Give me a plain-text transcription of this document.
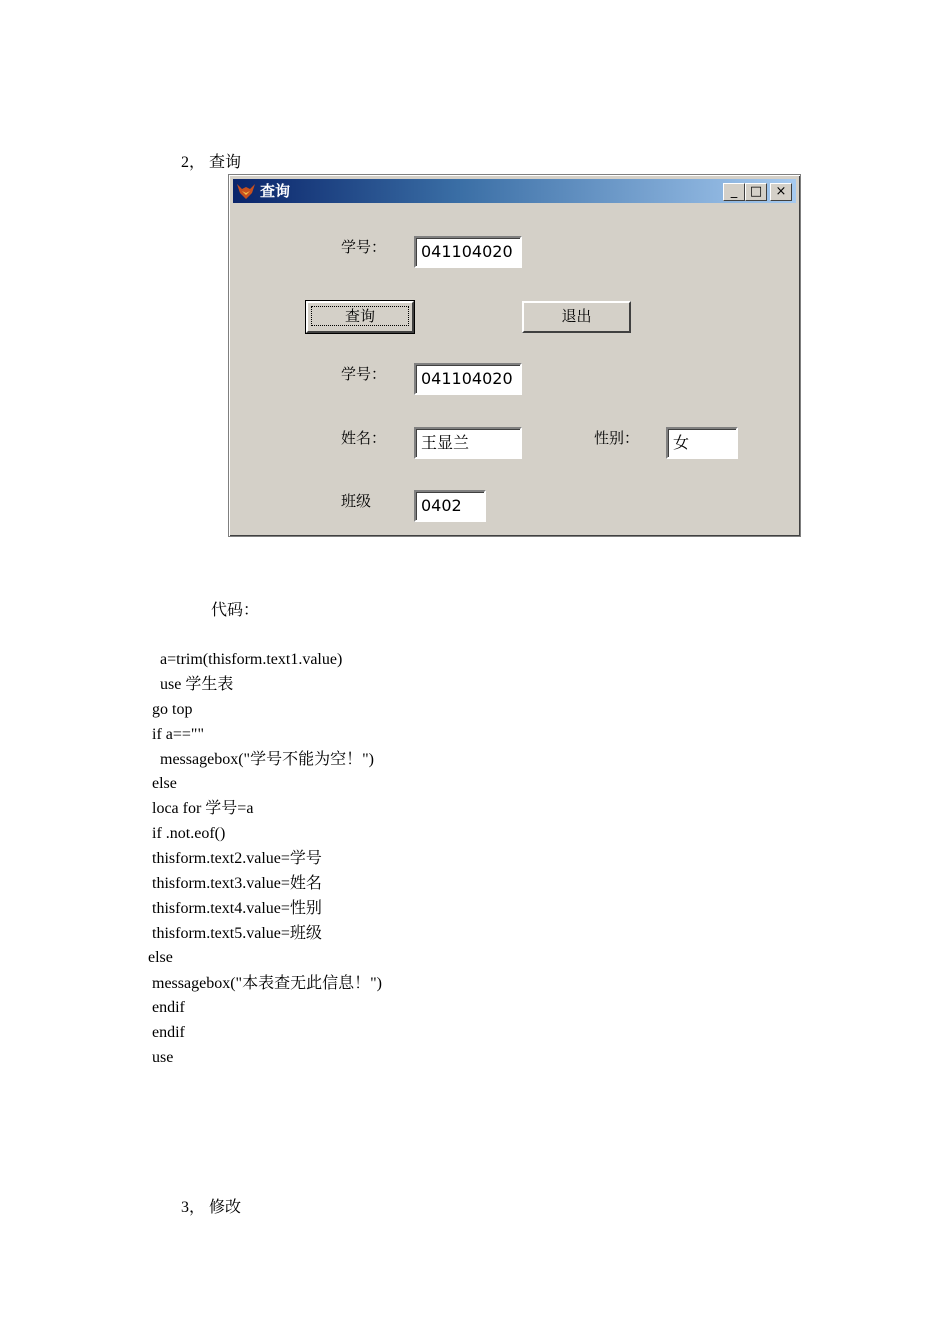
2， 查询
查询	_ □	×
学号：	041104020
查询	退出
学号：	041104020
姓名：	王显兰	性别：	女
班级	0402
代码：
a=trim(thisform.text1.value)
use 学生表
go top
if a==""
messagebox("学号不能为空！")
else
loca for 学号=a
if .not.eof()
thisform.text2.value=学号
thisform.text3.value=姓名
thisform.text4.value=性别
thisform.text5.value=班级
else
messagebox("本表查无此信息！")
endif
endif
use
3， 修改
